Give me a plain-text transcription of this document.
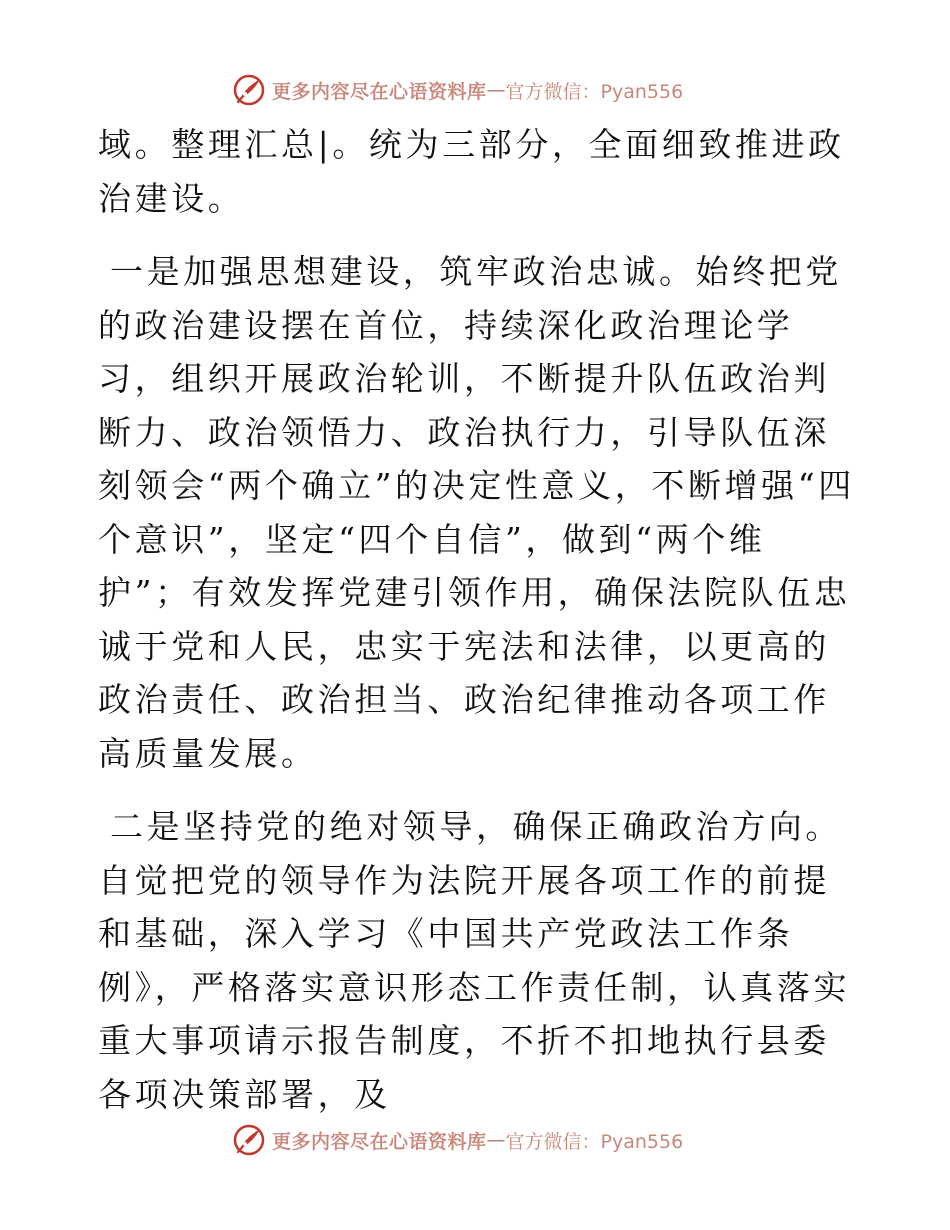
更多内容尽在心语资料库 — 官方微信：Pyan556

域。整理汇总|。统为三部分，全面细致推进政治建设。

一是加强思想建设，筑牢政治忠诚。始终把党的政治建设摆在首位，持续深化政治理论学习，组织开展政治轮训，不断提升队伍政治判断力、政治领悟力、政治执行力，引导队伍深刻领会“两个确立”的决定性意义，不断增强“四个意识”，坚定“四个自信”，做到“两个维护”；有效发挥党建引领作用，确保法院队伍忠诚于党和人民，忠实于宪法和法律，以更高的政治责任、政治担当、政治纪律推动各项工作高质量发展。

二是坚持党的绝对领导，确保正确政治方向。自觉把党的领导作为法院开展各项工作的前提和基础，深入学习《中国共产党政法工作条例》，严格落实意识形态工作责任制，认真落实重大事项请示报告制度，不折不扣地执行县委各项决策部署，及

更多内容尽在心语资料库 — 官方微信：Pyan556
